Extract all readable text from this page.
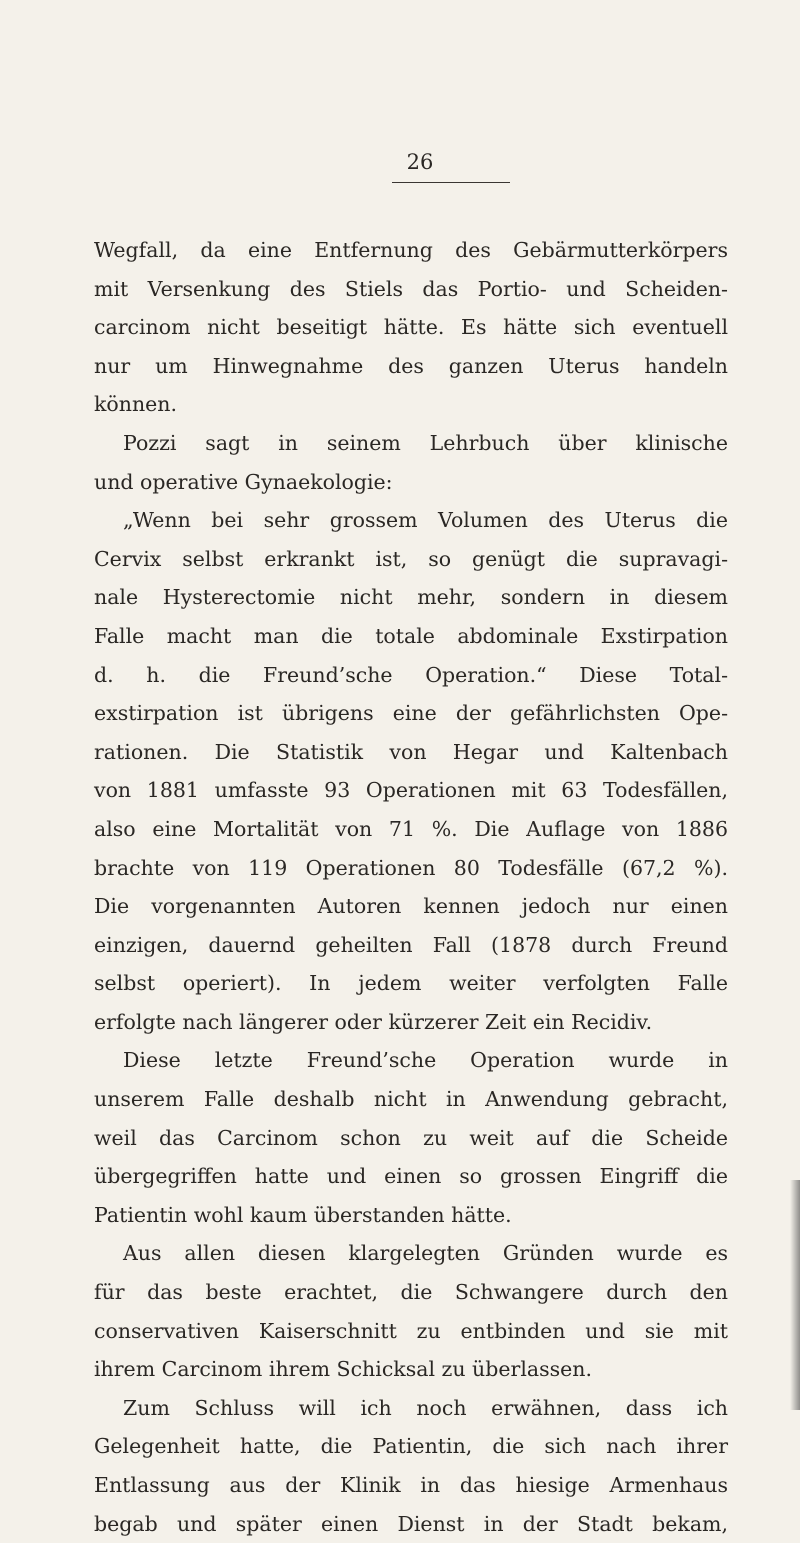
26
Wegfall, da eine Entfernung des Gebärmutterkörpers
mit Versenkung des Stiels das Portio- und Scheiden-
carcinom nicht beseitigt hätte. Es hätte sich eventuell
nur um Hinwegnahme des ganzen Uterus handeln
können.
Pozzi sagt in seinem Lehrbuch über klinische
und operative Gynaekologie:
„Wenn bei sehr grossem Volumen des Uterus die
Cervix selbst erkrankt ist, so genügt die supravagi-
nale Hysterectomie nicht mehr, sondern in diesem
Falle macht man die totale abdominale Exstirpation
d. h. die Freund’sche Operation.“ Diese Total-
exstirpation ist übrigens eine der gefährlichsten Ope-
rationen. Die Statistik von Hegar und Kaltenbach
von 1881 umfasste 93 Operationen mit 63 Todesfällen,
also eine Mortalität von 71 %. Die Auflage von 1886
brachte von 119 Operationen 80 Todesfälle (67,2 %).
Die vorgenannten Autoren kennen jedoch nur einen
einzigen, dauernd geheilten Fall (1878 durch Freund
selbst operiert). In jedem weiter verfolgten Falle
erfolgte nach längerer oder kürzerer Zeit ein Recidiv.
Diese letzte Freund’sche Operation wurde in
unserem Falle deshalb nicht in Anwendung gebracht,
weil das Carcinom schon zu weit auf die Scheide
übergegriffen hatte und einen so grossen Eingriff die
Patientin wohl kaum überstanden hätte.
Aus allen diesen klargelegten Gründen wurde es
für das beste erachtet, die Schwangere durch den
conservativen Kaiserschnitt zu entbinden und sie mit
ihrem Carcinom ihrem Schicksal zu überlassen.
Zum Schluss will ich noch erwähnen, dass ich
Gelegenheit hatte, die Patientin, die sich nach ihrer
Entlassung aus der Klinik in das hiesige Armenhaus
begab und später einen Dienst in der Stadt bekam,
